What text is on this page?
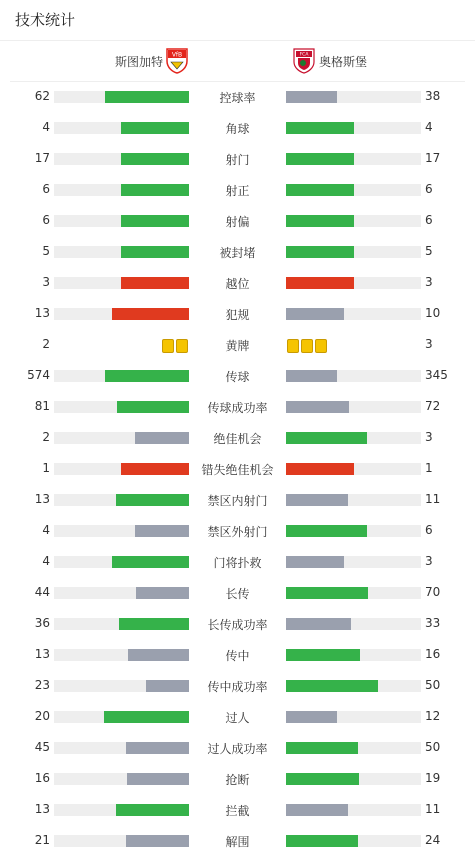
技术统计
斯图加特 VfB	FCA 奥格斯堡
62	控球率	38
4	角球	4
17	射门	17
6	射正	6
6	射偏	6
5	被封堵	5
3	越位	3
13	犯规	10
2	黄牌	3
574	传球	345
81	传球成功率	72
2	绝佳机会	3
1	错失绝佳机会	1
13	禁区内射门	11
4	禁区外射门	6
4	门将扑救	3
44	长传	70
36	长传成功率	33
13	传中	16
23	传中成功率	50
20	过人	12
45	过人成功率	50
16	抢断	19
13	拦截	11
21	解围	24
